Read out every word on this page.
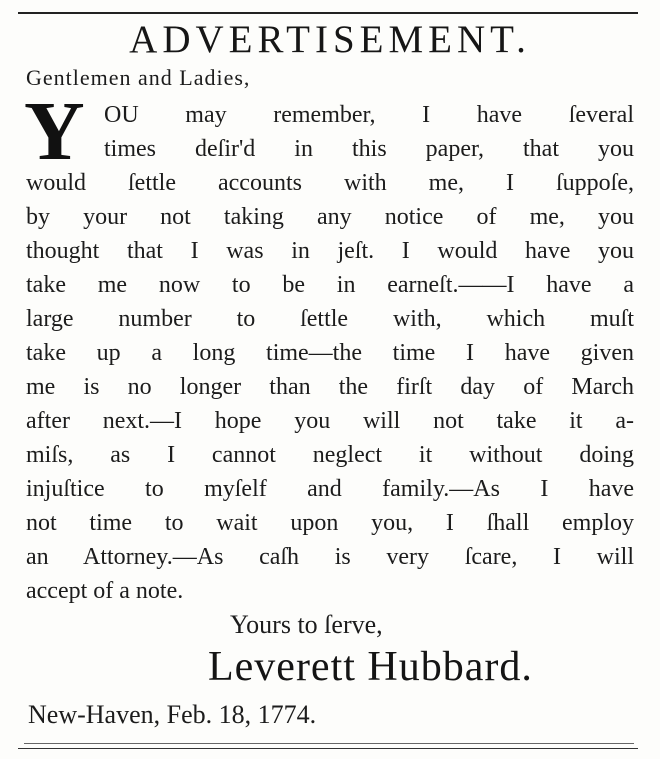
ADVERTISEMENT.
Gentlemen and Ladies,
Y OU may remember, I have ſeveral
times deſir'd in this paper, that you
would ſettle accounts with me, I ſuppoſe,
by your not taking any notice of me, you
thought that I was in jeſt. I would have you
take me now to be in earneſt.——I have a
large number to ſettle with, which muſt
take up a long time—the time I have given
me is no longer than the firſt day of March
after next.—I hope you will not take it a-
miſs, as I cannot neglect it without doing
injuſtice to myſelf and family.—As I have
not time to wait upon you, I ſhall employ
an Attorney.—As caſh is very ſcare, I will
accept of a note.
Yours to ſerve,
Leverett Hubbard.
New-Haven, Feb. 18, 1774.
